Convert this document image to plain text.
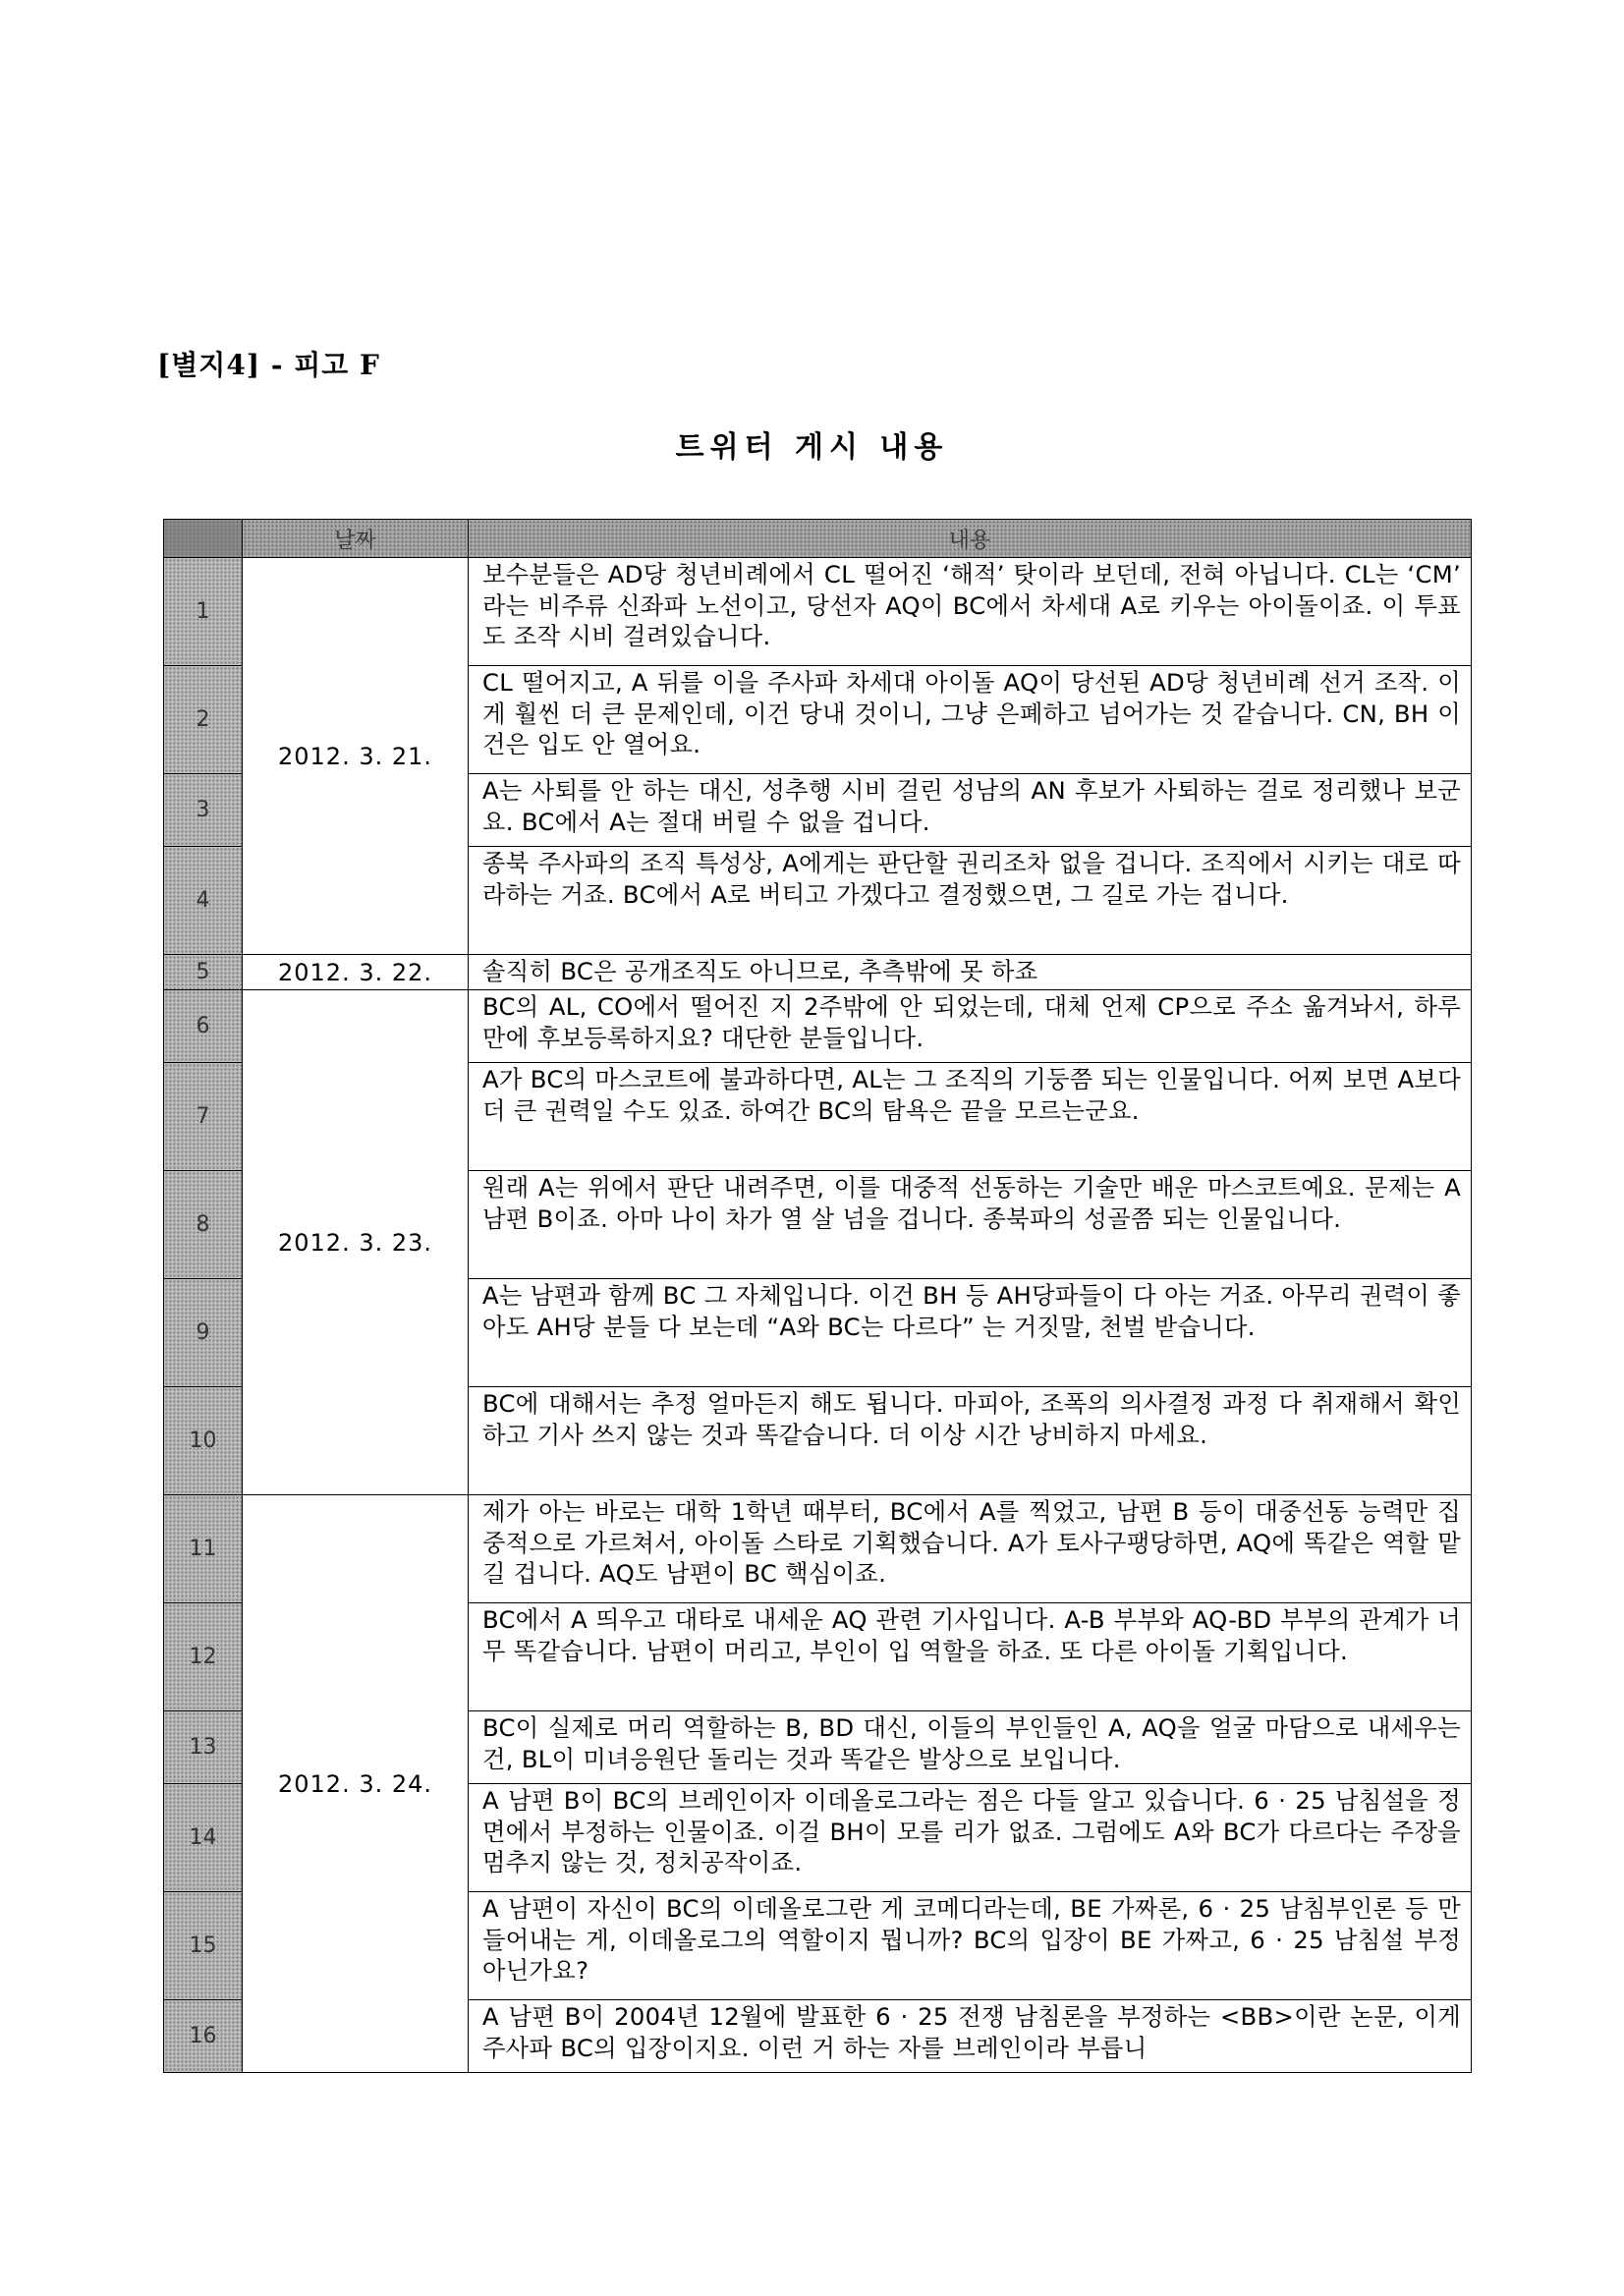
[별지4] - 피고 F
트위터 게시 내용
	날짜	내용
1	2012. 3. 21.	보수분들은 AD당 청년비례에서 CL 떨어진 ‘해적’ 탓이라 보던데, 전혀 아닙니다. CL는 ‘CM’ 라는 비주류 신좌파 노선이고, 당선자 AQ이 BC에서 차세대 A로 키우는 아이돌이죠. 이 투표도 조작 시비 걸려있습니다.
2		CL 떨어지고, A 뒤를 이을 주사파 차세대 아이돌 AQ이 당선된 AD당 청년비례 선거 조작. 이게 훨씬 더 큰 문제인데, 이건 당내 것이니, 그냥 은폐하고 넘어가는 것 같습니다. CN, BH 이건은 입도 안 열어요.
3		A는 사퇴를 안 하는 대신, 성추행 시비 걸린 성남의 AN 후보가 사퇴하는 걸로 정리했나 보군요. BC에서 A는 절대 버릴 수 없을 겁니다.
4		종북 주사파의 조직 특성상, A에게는 판단할 권리조차 없을 겁니다. 조직에서 시키는 대로 따라하는 거죠. BC에서 A로 버티고 가겠다고 결정했으면, 그 길로 가는 겁니다.
5	2012. 3. 22.	솔직히 BC은 공개조직도 아니므로, 추측밖에 못 하죠
6	2012. 3. 23.	BC의 AL, CO에서 떨어진 지 2주밖에 안 되었는데, 대체 언제 CP으로 주소 옮겨놔서, 하루 만에 후보등록하지요? 대단한 분들입니다.
7		A가 BC의 마스코트에 불과하다면, AL는 그 조직의 기둥쯤 되는 인물입니다. 어찌 보면 A보다 더 큰 권력일 수도 있죠. 하여간 BC의 탐욕은 끝을 모르는군요.
8		원래 A는 위에서 판단 내려주면, 이를 대중적 선동하는 기술만 배운 마스코트예요. 문제는 A 남편 B이죠. 아마 나이 차가 열 살 넘을 겁니다. 종북파의 성골쯤 되는 인물입니다.
9		A는 남편과 함께 BC 그 자체입니다. 이건 BH 등 AH당파들이 다 아는 거죠. 아무리 권력이 좋아도 AH당 분들 다 보는데 “A와 BC는 다르다” 는 거짓말, 천벌 받습니다.
10		BC에 대해서는 추정 얼마든지 해도 됩니다. 마피아, 조폭의 의사결정 과정 다 취재해서 확인하고 기사 쓰지 않는 것과 똑같습니다. 더 이상 시간 낭비하지 마세요.
11	2012. 3. 24.	제가 아는 바로는 대학 1학년 때부터, BC에서 A를 찍었고, 남편 B 등이 대중선동 능력만 집중적으로 가르쳐서, 아이돌 스타로 기획했습니다. A가 토사구팽당하면, AQ에 똑같은 역할 맡길 겁니다. AQ도 남편이 BC 핵심이죠.
12		BC에서 A 띄우고 대타로 내세운 AQ 관련 기사입니다. A-B 부부와 AQ-BD 부부의 관계가 너무 똑같습니다. 남편이 머리고, 부인이 입 역할을 하죠. 또 다른 아이돌 기획입니다.
13		BC이 실제로 머리 역할하는 B, BD 대신, 이들의 부인들인 A, AQ을 얼굴 마담으로 내세우는 건, BL이 미녀응원단 돌리는 것과 똑같은 발상으로 보입니다.
14		A 남편 B이 BC의 브레인이자 이데올로그라는 점은 다들 알고 있습니다. 6 · 25 남침설을 정면에서 부정하는 인물이죠. 이걸 BH이 모를 리가 없죠. 그럼에도 A와 BC가 다르다는 주장을 멈추지 않는 것, 정치공작이죠.
15		A 남편이 자신이 BC의 이데올로그란 게 코메디라는데, BE 가짜론, 6 · 25 남침부인론 등 만들어내는 게, 이데올로그의 역할이지 뭡니까? BC의 입장이 BE 가짜고, 6 · 25 남침설 부정 아닌가요?
16		A 남편 B이 2004년 12월에 발표한 6 · 25 전쟁 남침론을 부정하는 <BB>이란 논문, 이게 주사파 BC의 입장이지요. 이런 거 하는 자를 브레인이라 부릅니
